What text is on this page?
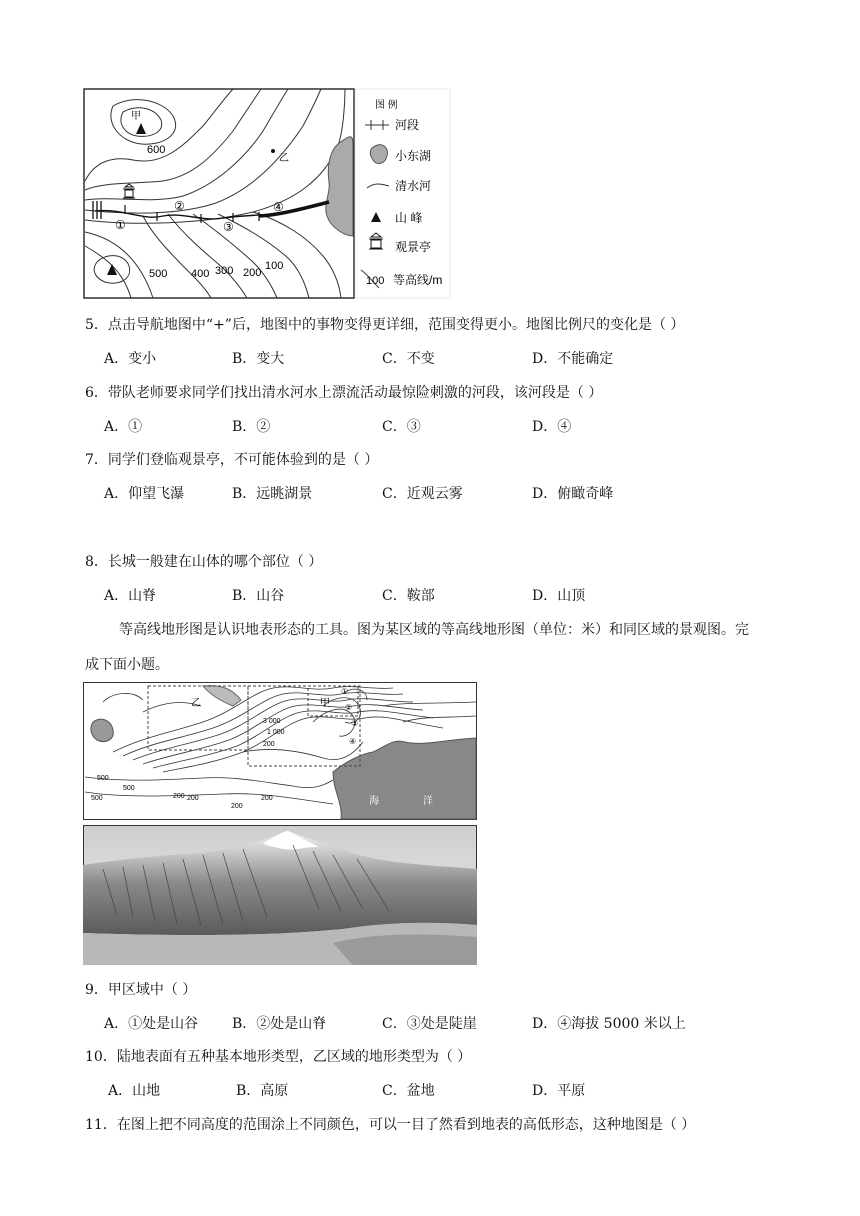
甲
乙
600
500 400 300 200
100
①
②
③
④
图 例
河段
小东湖
清水河
山 峰
观景亭
100 等高线/m
5．点击导航地图中“+”后，地图中的事物变得更详细，范围变得更小。地图比例尺的变化是（ ）
A．变小	B．变大	C．不变	D．不能确定
6．带队老师要求同学们找出清水河水上漂流活动最惊险刺激的河段，该河段是（ ）
A．①	B．②	C．③	D．④
7．同学们登临观景亭，不可能体验到的是（ ）
A．仰望飞瀑	B．远眺湖景	C．近观云雾	D．俯瞰奇峰
8．长城一般建在山体的哪个部位（ ）
A．山脊	B．山谷	C．鞍部	D．山顶
等高线地形图是认识地表形态的工具。图为某区域的等高线地形图（单位：米）和同区域的景观图。完
成下面小题。
乙	甲
3 000
1 000
200
①
②
③
④
500
500
500	200 200
200
200	海	洋
9．甲区域中（ ）
A．①处是山谷 B．②处是山脊	C．③处是陡崖	D．④海拔 5000 米以上
10．陆地表面有五种基本地形类型，乙区域的地形类型为（ ）
A．山地	B．高原	C．盆地	D．平原
11．在图上把不同高度的范围涂上不同颜色，可以一目了然看到地表的高低形态，这种地图是（ ）
